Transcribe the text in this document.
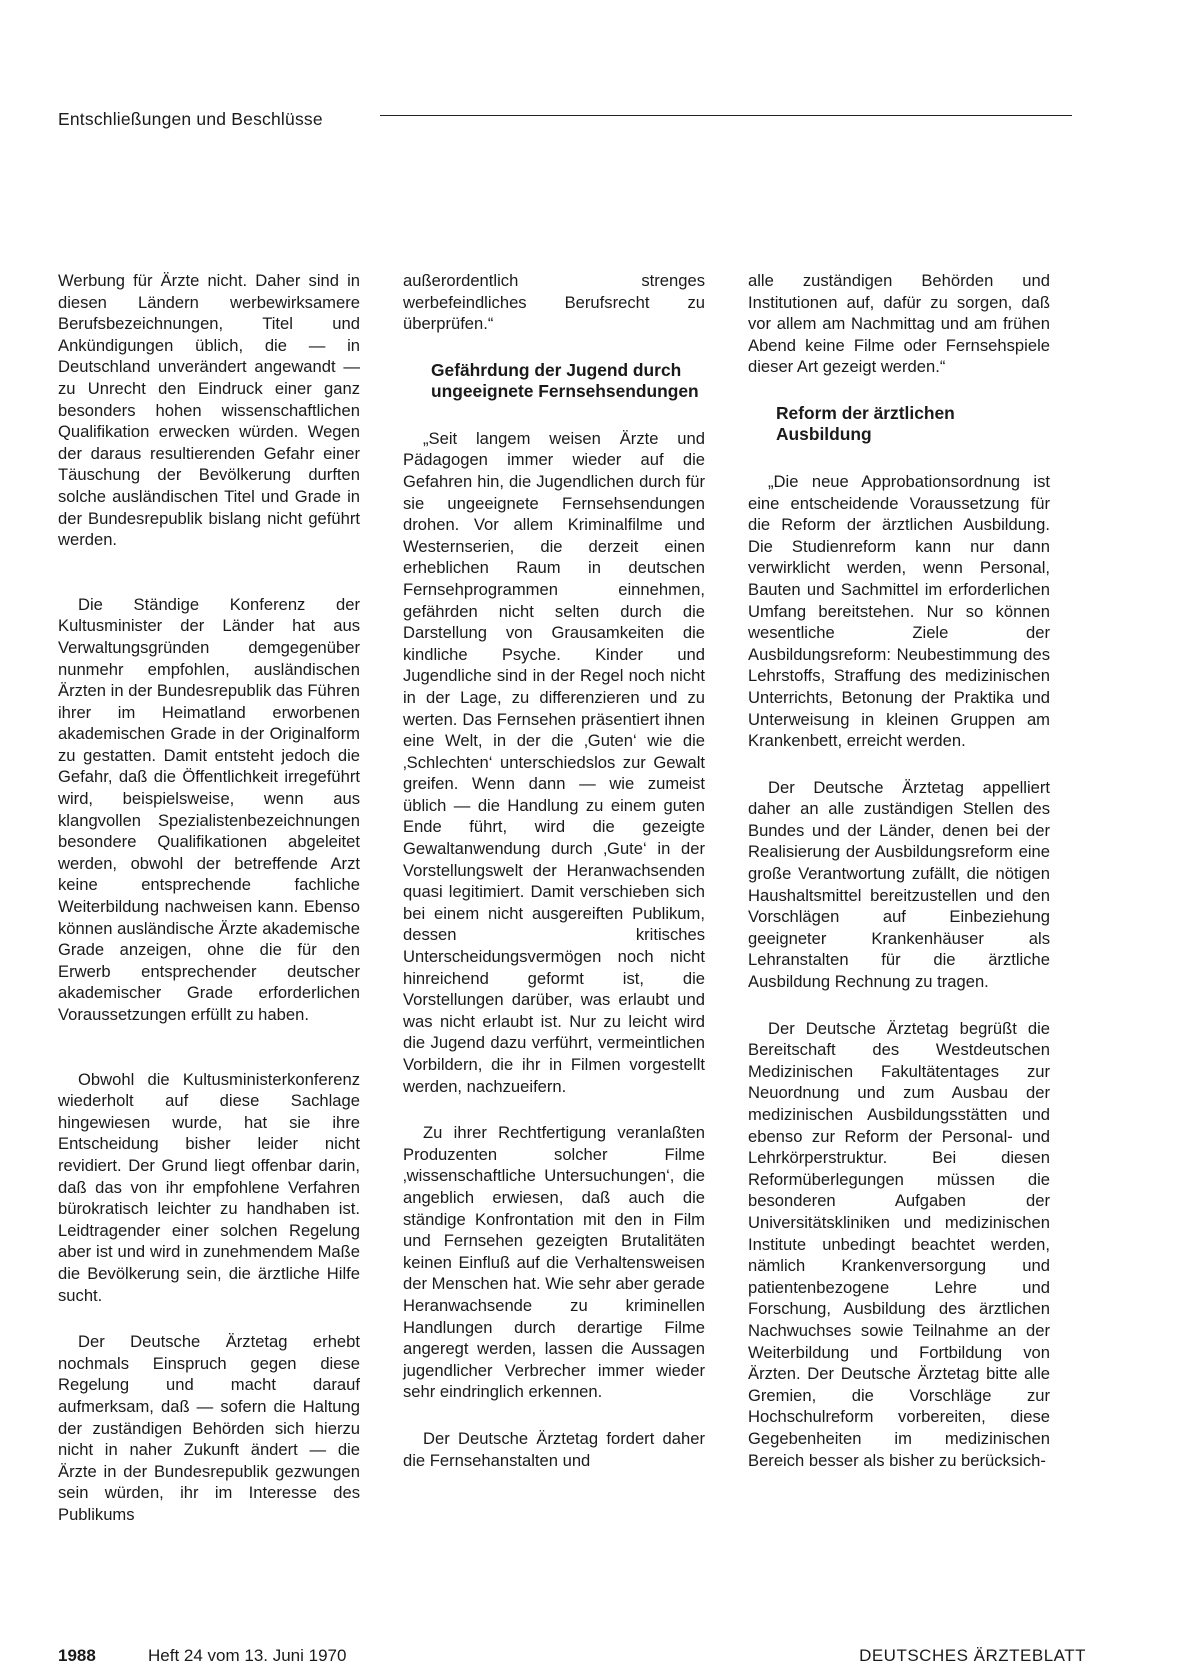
Entschließungen und Beschlüsse

Werbung für Ärzte nicht. Daher sind in diesen Ländern werbewirksamere Berufsbezeichnungen, Titel und Ankündigungen üblich, die — in Deutschland unverändert angewandt — zu Unrecht den Eindruck einer ganz besonders hohen wissenschaftlichen Qualifikation erwecken würden. Wegen der daraus resultierenden Gefahr einer Täuschung der Bevölkerung durften solche ausländischen Titel und Grade in der Bundesrepublik bislang nicht geführt werden.

Die Ständige Konferenz der Kultusminister der Länder hat aus Verwaltungsgründen demgegenüber nunmehr empfohlen, ausländischen Ärzten in der Bundesrepublik das Führen ihrer im Heimatland erworbenen akademischen Grade in der Originalform zu gestatten. Damit entsteht jedoch die Gefahr, daß die Öffentlichkeit irregeführt wird, beispielsweise, wenn aus klangvollen Spezialistenbezeichnungen besondere Qualifikationen abgeleitet werden, obwohl der betreffende Arzt keine entsprechende fachliche Weiterbildung nachweisen kann. Ebenso können ausländische Ärzte akademische Grade anzeigen, ohne die für den Erwerb entsprechender deutscher akademischer Grade erforderlichen Voraussetzungen erfüllt zu haben.

Obwohl die Kultusministerkonferenz wiederholt auf diese Sachlage hingewiesen wurde, hat sie ihre Entscheidung bisher leider nicht revidiert. Der Grund liegt offenbar darin, daß das von ihr empfohlene Verfahren bürokratisch leichter zu handhaben ist. Leidtragender einer solchen Regelung aber ist und wird in zunehmendem Maße die Bevölkerung sein, die ärztliche Hilfe sucht.

Der Deutsche Ärztetag erhebt nochmals Einspruch gegen diese Regelung und macht darauf aufmerksam, daß — sofern die Haltung der zuständigen Behörden sich hierzu nicht in naher Zukunft ändert — die Ärzte in der Bundesrepublik gezwungen sein würden, ihr im Interesse des Publikums

außerordentlich strenges werbefeindliches Berufsrecht zu überprüfen.“

Gefährdung der Jugend durch ungeeignete Fernsehsendungen

„Seit langem weisen Ärzte und Pädagogen immer wieder auf die Gefahren hin, die Jugendlichen durch für sie ungeeignete Fernsehsendungen drohen. Vor allem Kriminalfilme und Westernserien, die derzeit einen erheblichen Raum in deutschen Fernsehprogrammen einnehmen, gefährden nicht selten durch die Darstellung von Grausamkeiten die kindliche Psyche. Kinder und Jugendliche sind in der Regel noch nicht in der Lage, zu differenzieren und zu werten. Das Fernsehen präsentiert ihnen eine Welt, in der die ‚Guten‘ wie die ‚Schlechten‘ unterschiedslos zur Gewalt greifen. Wenn dann — wie zumeist üblich — die Handlung zu einem guten Ende führt, wird die gezeigte Gewaltanwendung durch ‚Gute‘ in der Vorstellungswelt der Heranwachsenden quasi legitimiert. Damit verschieben sich bei einem nicht ausgereiften Publikum, dessen kritisches Unterscheidungsvermögen noch nicht hinreichend geformt ist, die Vorstellungen darüber, was erlaubt und was nicht erlaubt ist. Nur zu leicht wird die Jugend dazu verführt, vermeintlichen Vorbildern, die ihr in Filmen vorgestellt werden, nachzueifern.

Zu ihrer Rechtfertigung veranlaßten Produzenten solcher Filme ‚wissenschaftliche Untersuchungen‘, die angeblich erwiesen, daß auch die ständige Konfrontation mit den in Film und Fernsehen gezeigten Brutalitäten keinen Einfluß auf die Verhaltensweisen der Menschen hat. Wie sehr aber gerade Heranwachsende zu kriminellen Handlungen durch derartige Filme angeregt werden, lassen die Aussagen jugendlicher Verbrecher immer wieder sehr eindringlich erkennen.

Der Deutsche Ärztetag fordert daher die Fernsehanstalten und

alle zuständigen Behörden und Institutionen auf, dafür zu sorgen, daß vor allem am Nachmittag und am frühen Abend keine Filme oder Fernsehspiele dieser Art gezeigt werden.“

Reform der ärztlichen Ausbildung

„Die neue Approbationsordnung ist eine entscheidende Voraussetzung für die Reform der ärztlichen Ausbildung. Die Studienreform kann nur dann verwirklicht werden, wenn Personal, Bauten und Sachmittel im erforderlichen Umfang bereitstehen. Nur so können wesentliche Ziele der Ausbildungsreform: Neubestimmung des Lehrstoffs, Straffung des medizinischen Unterrichts, Betonung der Praktika und Unterweisung in kleinen Gruppen am Krankenbett, erreicht werden.

Der Deutsche Ärztetag appelliert daher an alle zuständigen Stellen des Bundes und der Länder, denen bei der Realisierung der Ausbildungsreform eine große Verantwortung zufällt, die nötigen Haushaltsmittel bereitzustellen und den Vorschlägen auf Einbeziehung geeigneter Krankenhäuser als Lehranstalten für die ärztliche Ausbildung Rechnung zu tragen.

Der Deutsche Ärztetag begrüßt die Bereitschaft des Westdeutschen Medizinischen Fakultätentages zur Neuordnung und zum Ausbau der medizinischen Ausbildungsstätten und ebenso zur Reform der Personal- und Lehrkörperstruktur. Bei diesen Reformüberlegungen müssen die besonderen Aufgaben der Universitätskliniken und medizinischen Institute unbedingt beachtet werden, nämlich Krankenversorgung und patientenbezogene Lehre und Forschung, Ausbildung des ärztlichen Nachwuchses sowie Teilnahme an der Weiterbildung und Fortbildung von Ärzten. Der Deutsche Ärztetag bitte alle Gremien, die Vorschläge zur Hochschulreform vorbereiten, diese Gegebenheiten im medizinischen Bereich besser als bisher zu berücksich-

1988	Heft 24 vom 13. Juni 1970	DEUTSCHES ÄRZTEBLATT
